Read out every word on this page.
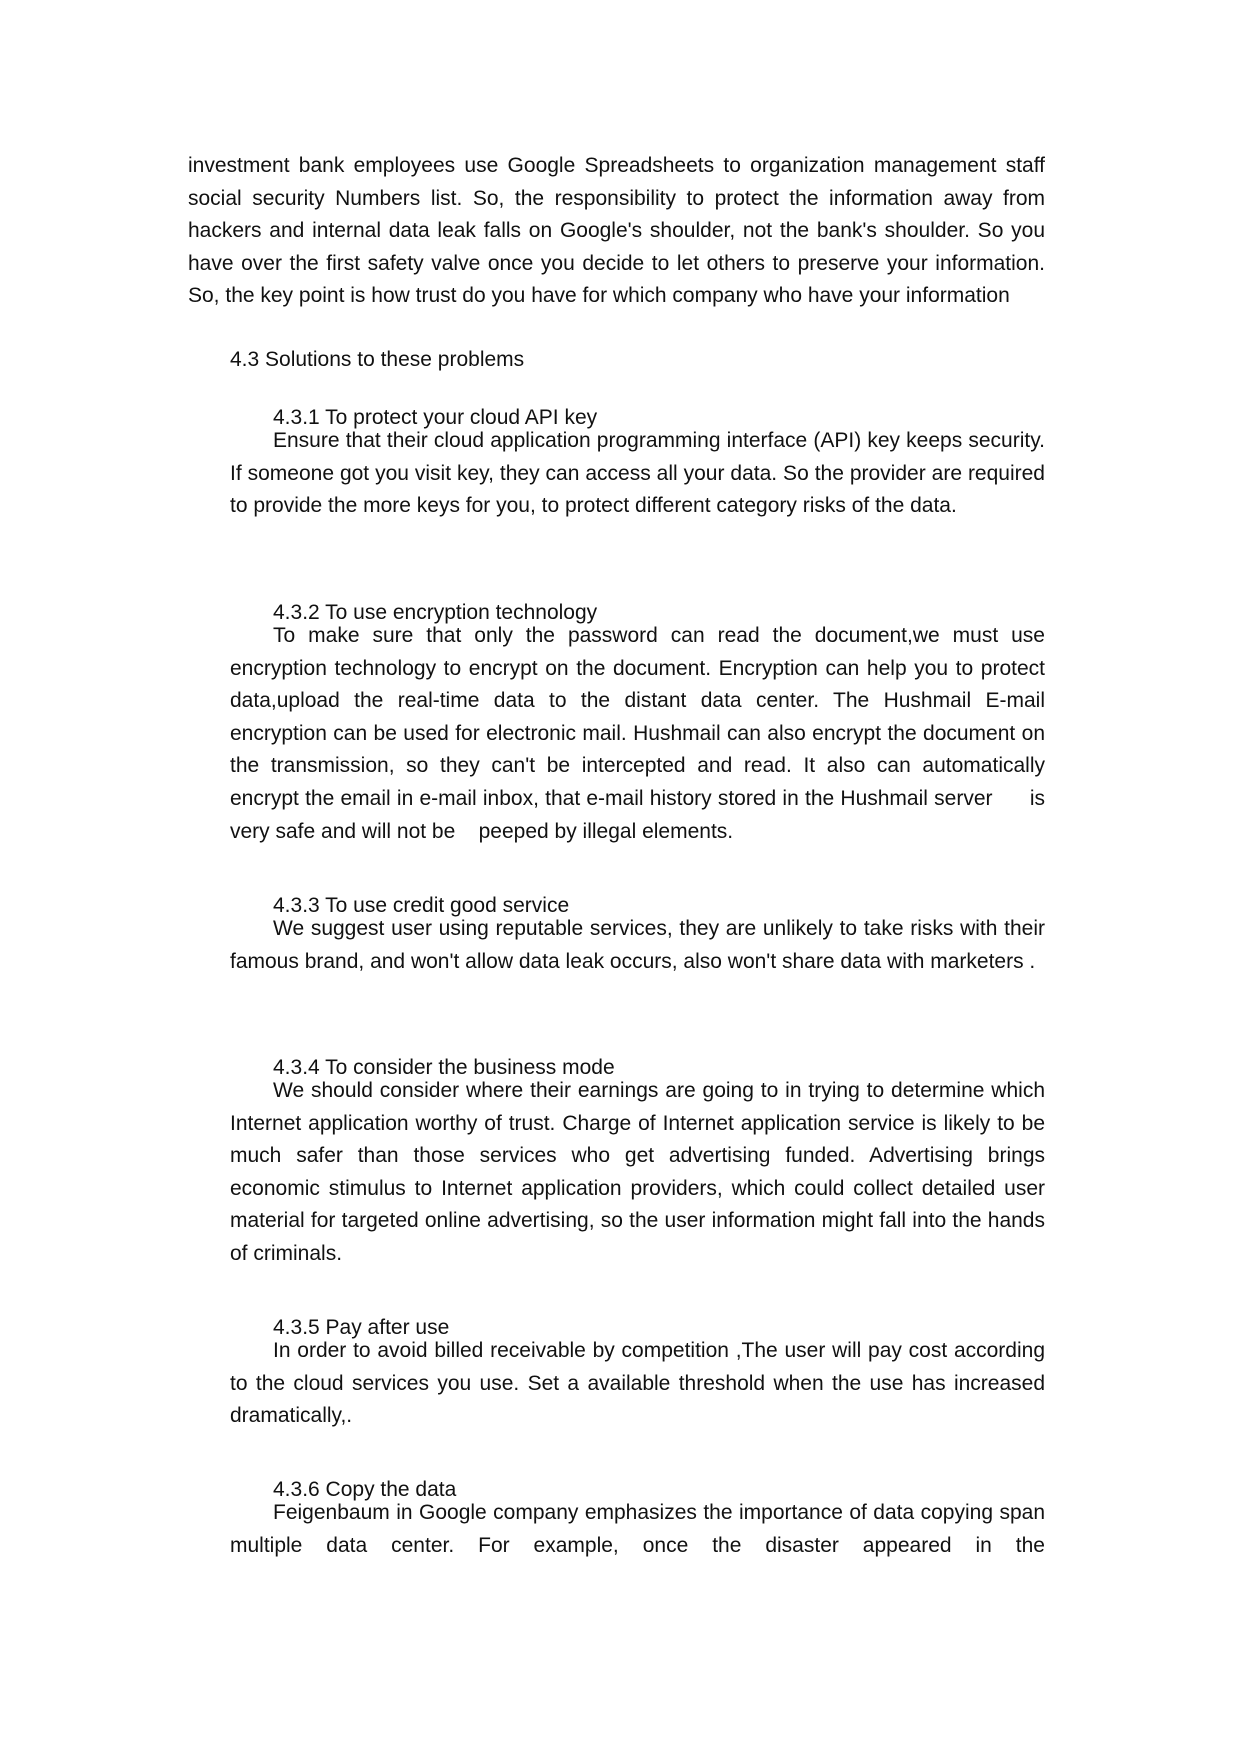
investment bank employees use Google Spreadsheets to organization management staff social security Numbers list. So, the responsibility to protect the information away from hackers and internal data leak falls on Google's shoulder, not the bank's shoulder. So you have over the first safety valve once you decide to let others to preserve your information. So, the key point is how trust do you have for which company who have your information

4.3 Solutions to these problems
4.3.1 To protect your cloud API key

Ensure that their cloud application programming interface (API) key keeps security. If someone got you visit key, they can access all your data. So the provider are required to provide the more keys for you, to protect different category risks of the data.

4.3.2 To use encryption technology

To make sure that only the password can read the document,we must use encryption technology to encrypt on the document. Encryption can help you to protect data,upload the real-time data to the distant data center. The Hushmail E-mail encryption can be used for electronic mail. Hushmail can also encrypt the document on the transmission, so they can't be intercepted and read. It also can automatically encrypt the email in e-mail inbox, that e-mail history stored in the Hushmail server      is very safe and will not be    peeped by illegal elements.

4.3.3 To use credit good service

We suggest user using reputable services, they are unlikely to take risks with their famous brand, and won't allow data leak occurs, also won't share data with marketers .

4.3.4 To consider the business mode

We should consider where their earnings are going to in trying to determine which Internet application worthy of trust. Charge of Internet application service is likely to be much safer than those services who get advertising funded. Advertising brings economic stimulus to Internet application providers, which could collect detailed user material for targeted online advertising, so the user information might fall into the hands of criminals.

4.3.5 Pay after use

In order to avoid billed receivable by competition ,The user will pay cost according to the cloud services you use. Set a available threshold when the use has increased dramatically,.

4.3.6 Copy the data

Feigenbaum in Google company emphasizes the importance of data copying span multiple data center. For example, once the disaster appeared in the
